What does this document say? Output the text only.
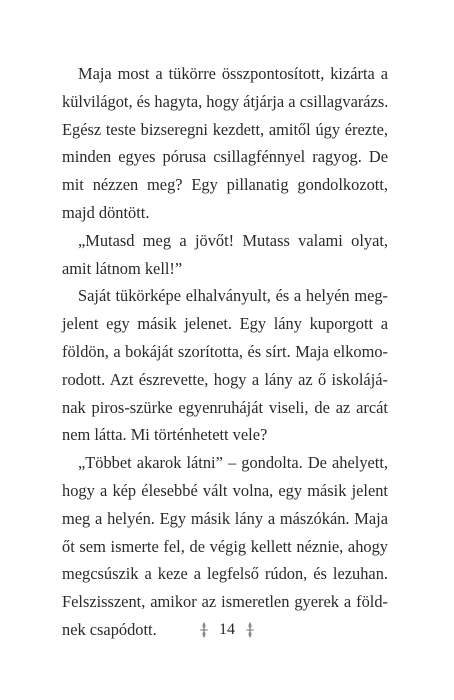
Maja most a tükörre összpontosított, kizárta a
külvilágot, és hagyta, hogy átjárja a csillagvarázs.
Egész teste bizseregni kezdett, amitől úgy érezte,
minden egyes pórusa csillagfénnyel ragyog. De
mit nézzen meg? Egy pillanatig gondolkozott,
majd döntött.
„Mutasd meg a jövőt! Mutass valami olyat,
amit látnom kell!”
Saját tükörképe elhalványult, és a helyén meg-
jelent egy másik jelenet. Egy lány kuporgott a
földön, a bokáját szorította, és sírt. Maja elkomo-
rodott. Azt észrevette, hogy a lány az ő iskolájá-
nak piros-szürke egyenruháját viseli, de az arcát
nem látta. Mi történhetett vele?
„Többet akarok látni” – gondolta. De ahelyett,
hogy a kép élesebbé vált volna, egy másik jelent
meg a helyén. Egy másik lány a mászókán. Maja
őt sem ismerte fel, de végig kellett néznie, ahogy
megcsúszik a keze a legfelső rúdon, és lezuhan.
Felszisszent, amikor az ismeretlen gyerek a föld-
nek csapódott.	14
